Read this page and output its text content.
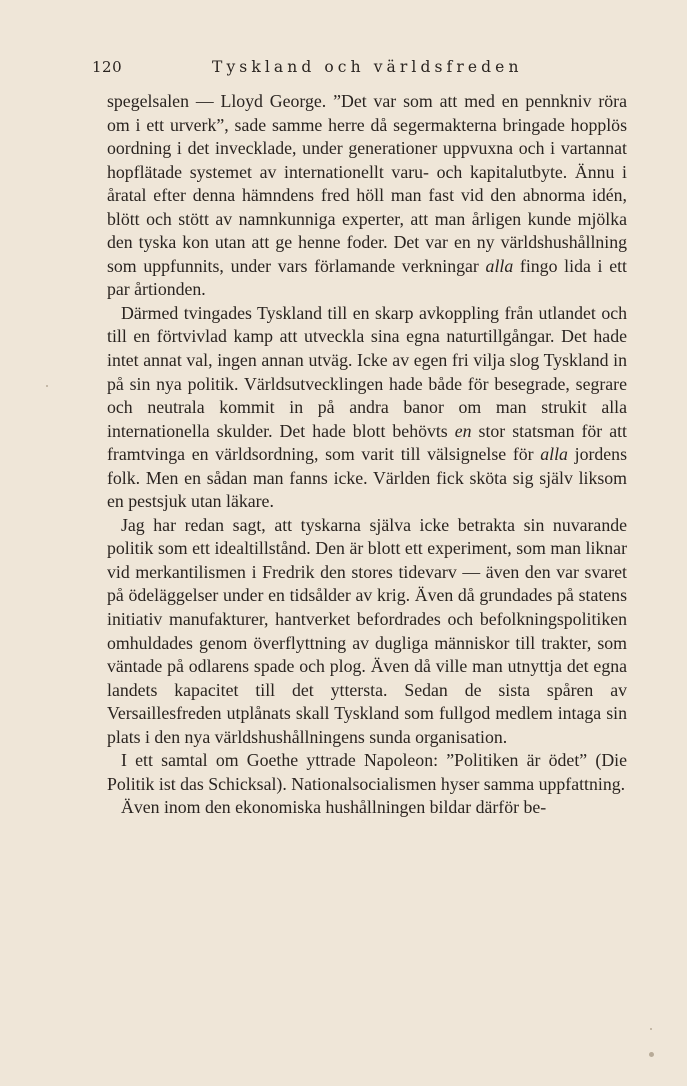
120	Tyskland och världsfreden

spegelsalen — Lloyd George. ”Det var som att med en pennkniv röra om i ett urverk”, sade samme herre då segermakterna bringade hopplös oordning i det invecklade, under generationer uppvuxna och i vartannat hopflätade systemet av internationellt varu- och kapitalutbyte. Ännu i åratal efter denna hämndens fred höll man fast vid den abnorma idén, blött och stött av namnkunniga experter, att man årligen kunde mjölka den tyska kon utan att ge henne foder. Det var en ny världshushållning som uppfunnits, under vars förlamande verkningar alla fingo lida i ett par årtionden.

Därmed tvingades Tyskland till en skarp avkoppling från utlandet och till en förtvivlad kamp att utveckla sina egna naturtillgångar. Det hade intet annat val, ingen annan utväg. Icke av egen fri vilja slog Tyskland in på sin nya politik. Världsutvecklingen hade både för besegrade, segrare och neutrala kommit in på andra banor om man strukit alla internationella skulder. Det hade blott behövts en stor statsman för att framtvinga en världsordning, som varit till välsignelse för alla jordens folk. Men en sådan man fanns icke. Världen fick sköta sig själv liksom en pestsjuk utan läkare.

Jag har redan sagt, att tyskarna själva icke betrakta sin nuvarande politik som ett idealtillstånd. Den är blott ett experiment, som man liknar vid merkantilismen i Fredrik den stores tidevarv — även den var svaret på ödeläggelser under en tidsålder av krig. Även då grundades på statens initiativ manufakturer, hantverket befordrades och befolkningspolitiken omhuldades genom överflyttning av dugliga människor till trakter, som väntade på odlarens spade och plog. Även då ville man utnyttja det egna landets kapacitet till det yttersta. Sedan de sista spåren av Versaillesfreden utplånats skall Tyskland som fullgod medlem intaga sin plats i den nya världshushållningens sunda organisation.

I ett samtal om Goethe yttrade Napoleon: ”Politiken är ödet” (Die Politik ist das Schicksal). Nationalsocialismen hyser samma uppfattning.

Även inom den ekonomiska hushållningen bildar därför be-
